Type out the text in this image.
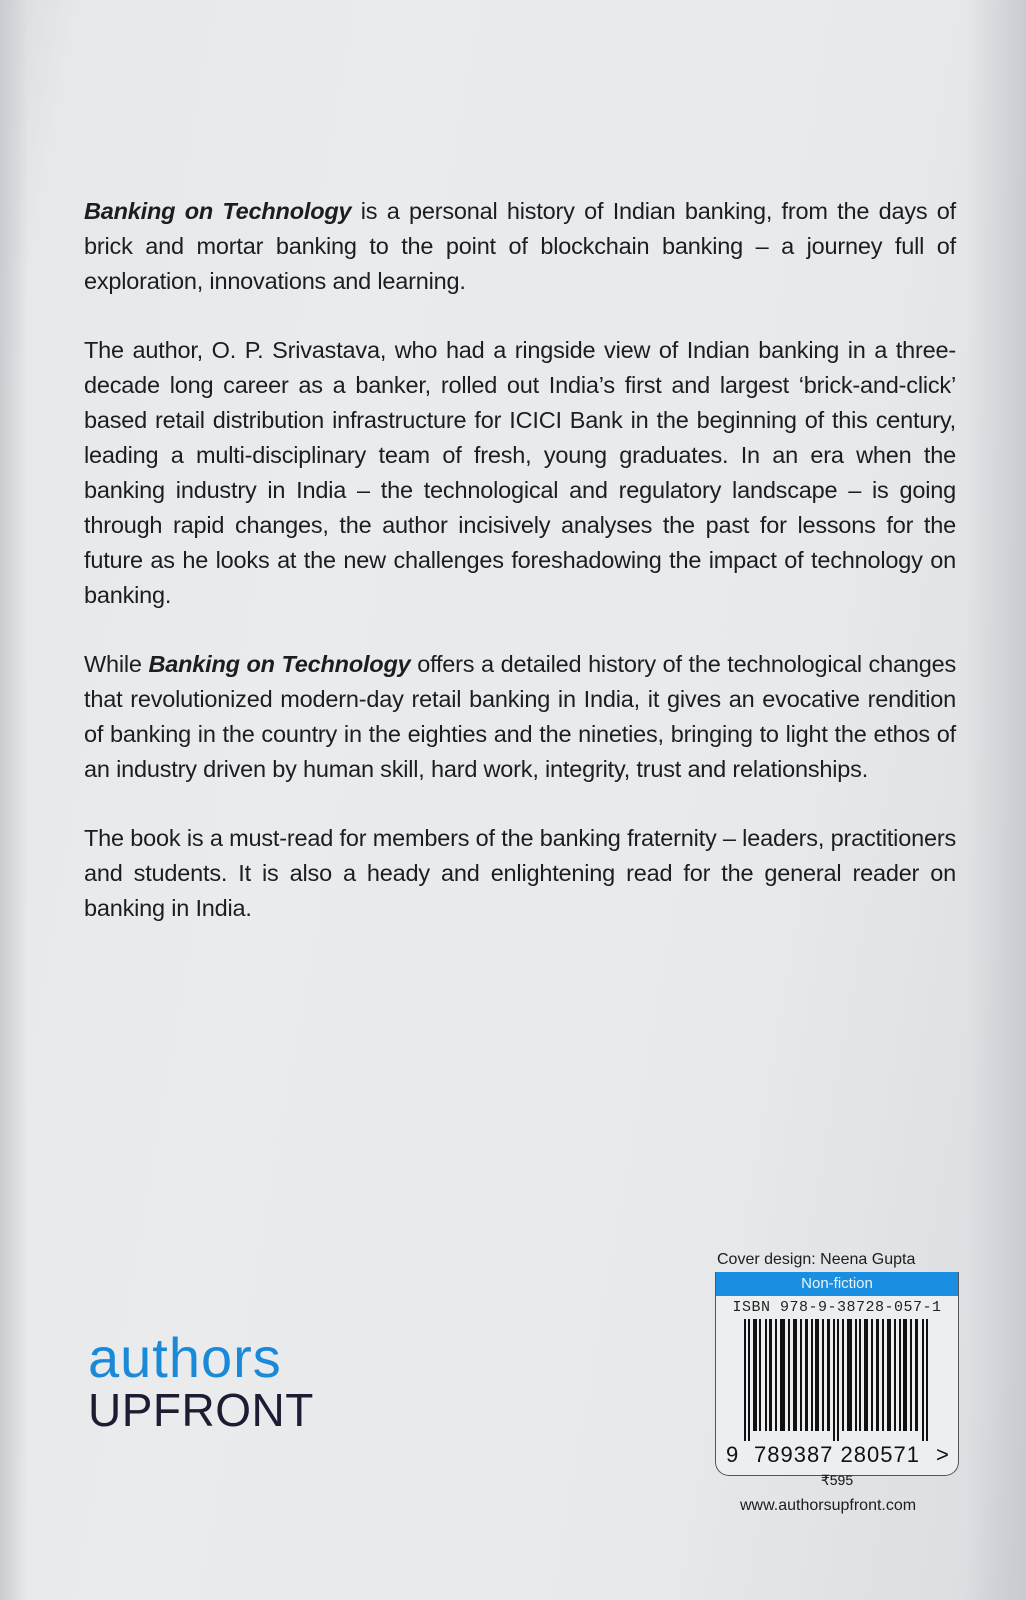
Banking on Technology is a personal history of Indian banking, from the days of brick and mortar banking to the point of blockchain banking – a journey full of exploration, innovations and learning.

The author, O. P. Srivastava, who had a ringside view of Indian banking in a three-decade long career as a banker, rolled out India’s first and largest ‘brick-and-click’ based retail distribution infrastructure for ICICI Bank in the beginning of this century, leading a multi-disciplinary team of fresh, young graduates. In an era when the banking industry in India – the technological and regulatory landscape – is going through rapid changes, the author incisively analyses the past for lessons for the future as he looks at the new challenges foreshadowing the impact of technology on banking.

While Banking on Technology offers a detailed history of the technological changes that revolutionized modern-day retail banking in India, it gives an evocative rendition of banking in the country in the eighties and the nineties, bringing to light the ethos of an industry driven by human skill, hard work, integrity, trust and relationships.

The book is a must-read for members of the banking fraternity – leaders, practitioners and students. It is also a heady and enlightening read for the general reader on banking in India.

authors
UPFRONT
Cover design: Neena Gupta
Non-fiction
ISBN 978-9-38728-057-1
9 789387 280571 >
₹595
www.authorsupfront.com
